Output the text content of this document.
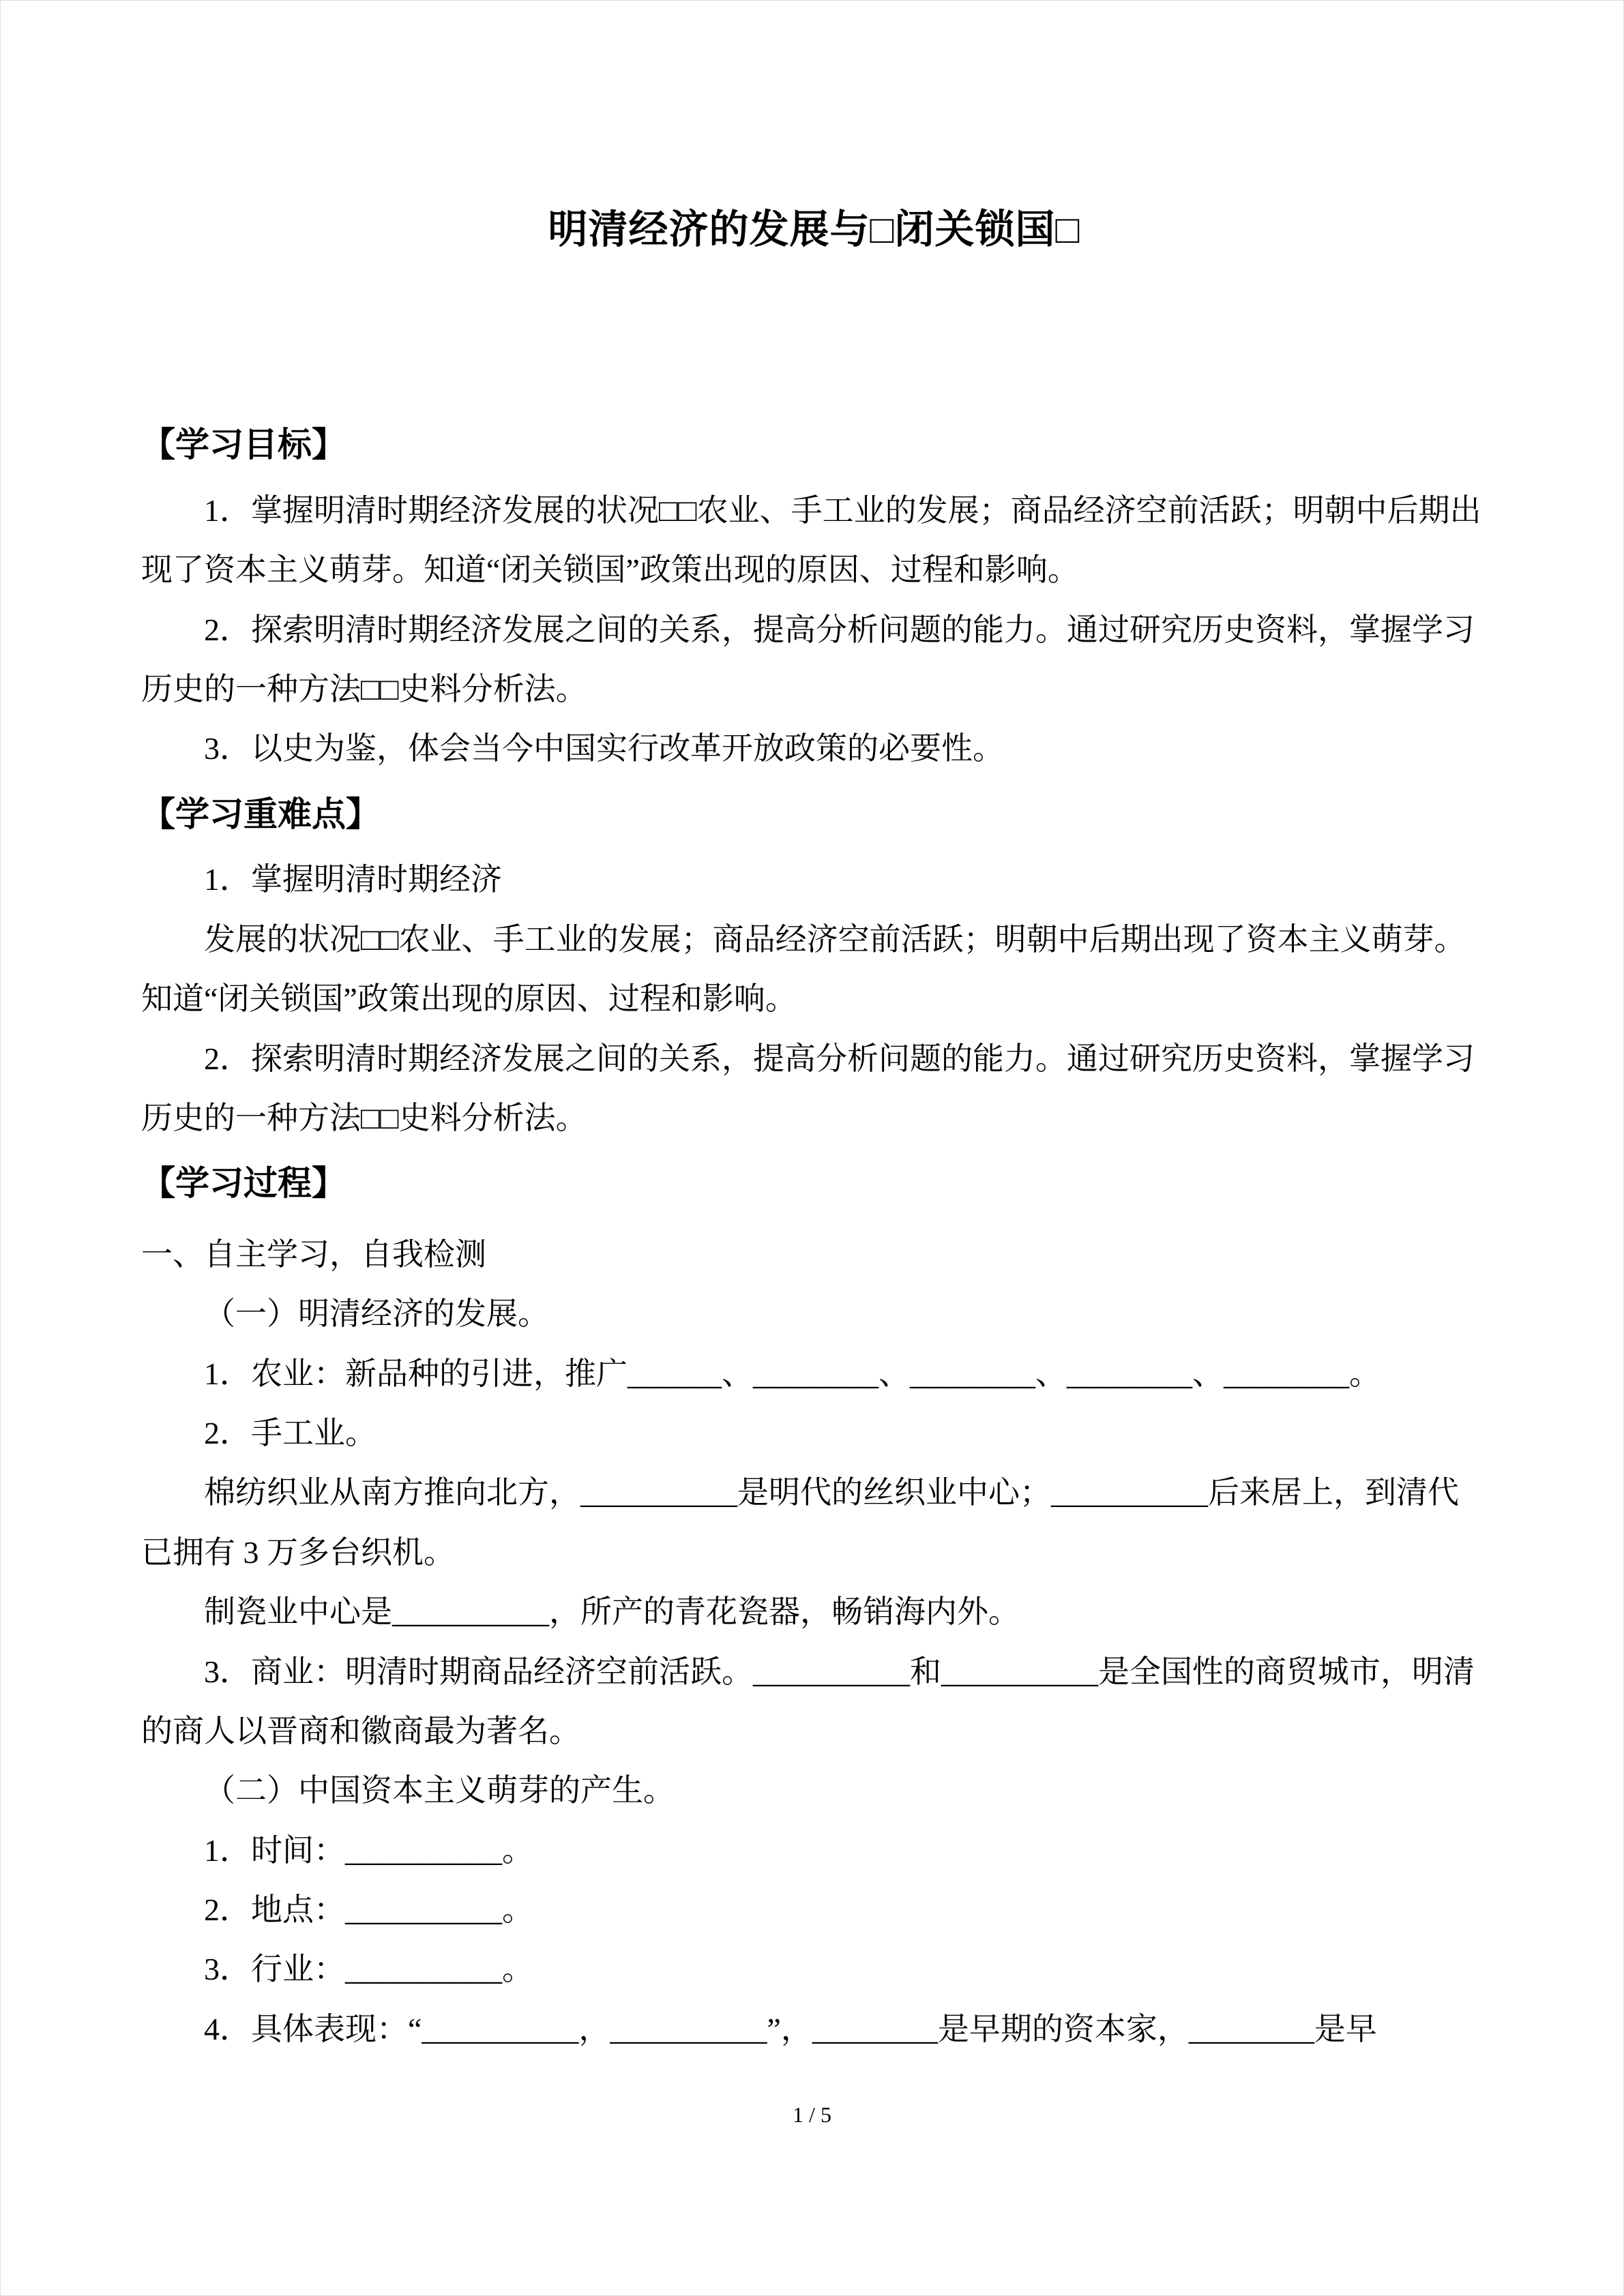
明清经济的发展与□闭关锁国□
【学习目标】

1．掌握明清时期经济发展的状况□□农业、手工业的发展；商品经济空前活跃；明朝中后期出现了资本主义萌芽。知道“闭关锁国”政策出现的原因、过程和影响。

2．探索明清时期经济发展之间的关系，提高分析问题的能力。通过研究历史资料，掌握学习历史的一种方法□□史料分析法。

3．以史为鉴，体会当今中国实行改革开放政策的必要性。

【学习重难点】

1．掌握明清时期经济

发展的状况□□农业、手工业的发展；商品经济空前活跃；明朝中后期出现了资本主义萌芽。知道“闭关锁国”政策出现的原因、过程和影响。

2．探索明清时期经济发展之间的关系，提高分析问题的能力。通过研究历史资料，掌握学习历史的一种方法□□史料分析法。

【学习过程】

一、自主学习，自我检测

（一）明清经济的发展。

1．农业：新品种的引进，推广______、________、________、________、________。

2．手工业。

棉纺织业从南方推向北方，__________是明代的丝织业中心；__________后来居上，到清代已拥有 3 万多台织机。

制瓷业中心是__________，所产的青花瓷器，畅销海内外。

3．商业：明清时期商品经济空前活跃。__________和__________是全国性的商贸城市，明清的商人以晋商和徽商最为著名。

（二）中国资本主义萌芽的产生。

1．时间：__________。

2．地点：__________。

3．行业：__________。

4．具体表现：“__________，__________”，________是早期的资本家，________是早

1 / 5
